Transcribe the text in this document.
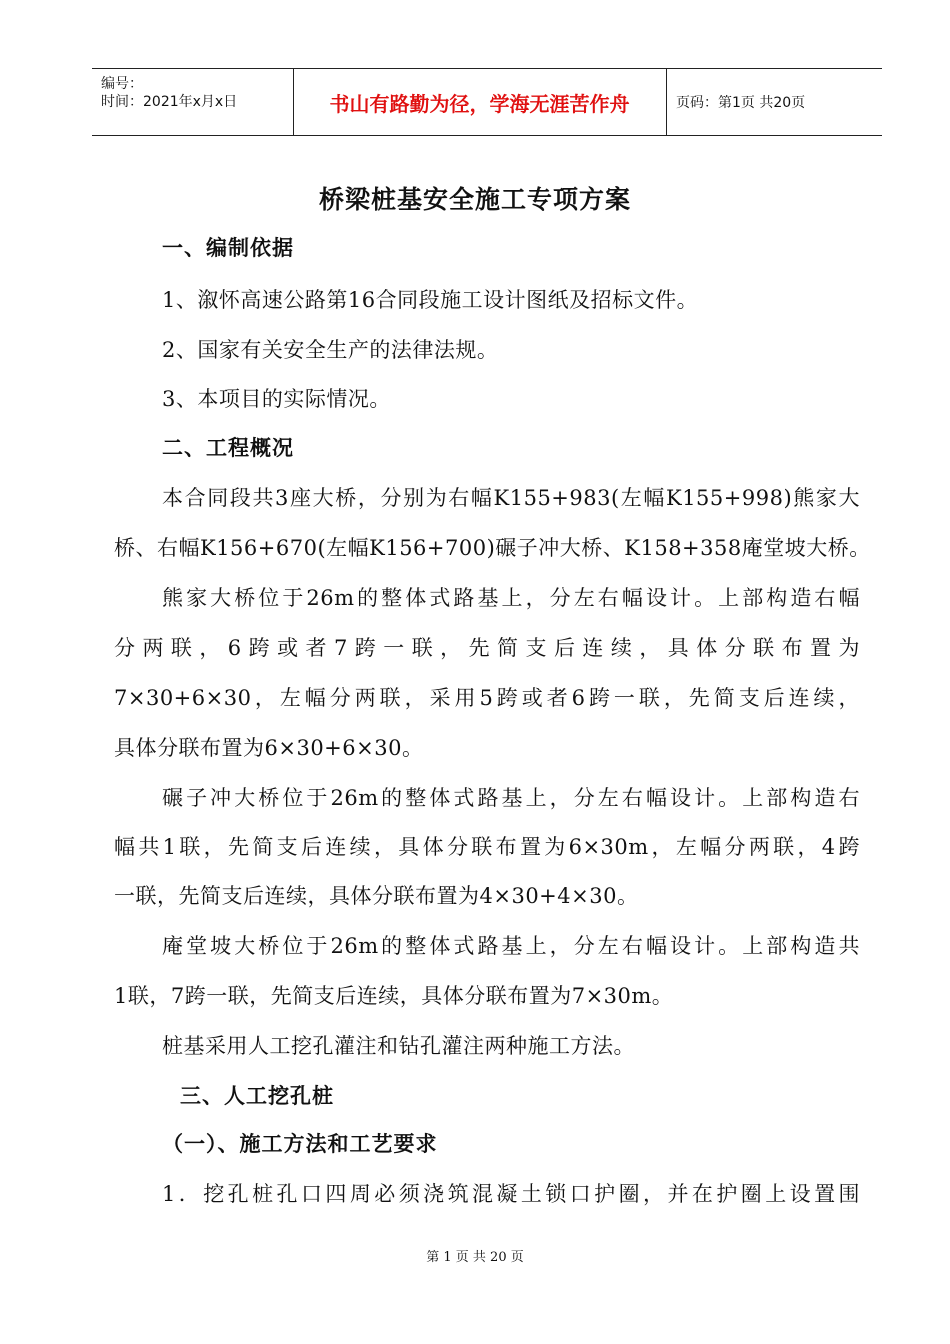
编号：
时间：2021年x月x日	书山有路勤为径，学海无涯苦作舟	页码：第1页 共20页
桥梁桩基安全施工专项方案
一、编制依据
1、溆怀高速公路第16合同段施工设计图纸及招标文件。
2、国家有关安全生产的法律法规。
3、本项目的实际情况。
二、工程概况
本合同段共3座大桥，分别为右幅K155+983(左幅K155+998)熊家大
桥、右幅K156+670(左幅K156+700)碾子冲大桥、K158+358庵堂坡大桥。
熊家大桥位于26m的整体式路基上，分左右幅设计。上部构造右幅
分两联，6跨或者7跨一联，先简支后连续，具体分联布置为
7×30+6×30，左幅分两联，采用5跨或者6跨一联，先简支后连续，
具体分联布置为6×30+6×30。
碾子冲大桥位于26m的整体式路基上，分左右幅设计。上部构造右
幅共1联，先简支后连续，具体分联布置为6×30m，左幅分两联，4跨
一联，先简支后连续，具体分联布置为4×30+4×30。
庵堂坡大桥位于26m的整体式路基上，分左右幅设计。上部构造共
1联，7跨一联，先简支后连续，具体分联布置为7×30m。
桩基采用人工挖孔灌注和钻孔灌注两种施工方法。
三、人工挖孔桩
（一）、施工方法和工艺要求
1．挖孔桩孔口四周必须浇筑混凝土锁口护圈，并在护圈上设置围
第 1 页 共 20 页
